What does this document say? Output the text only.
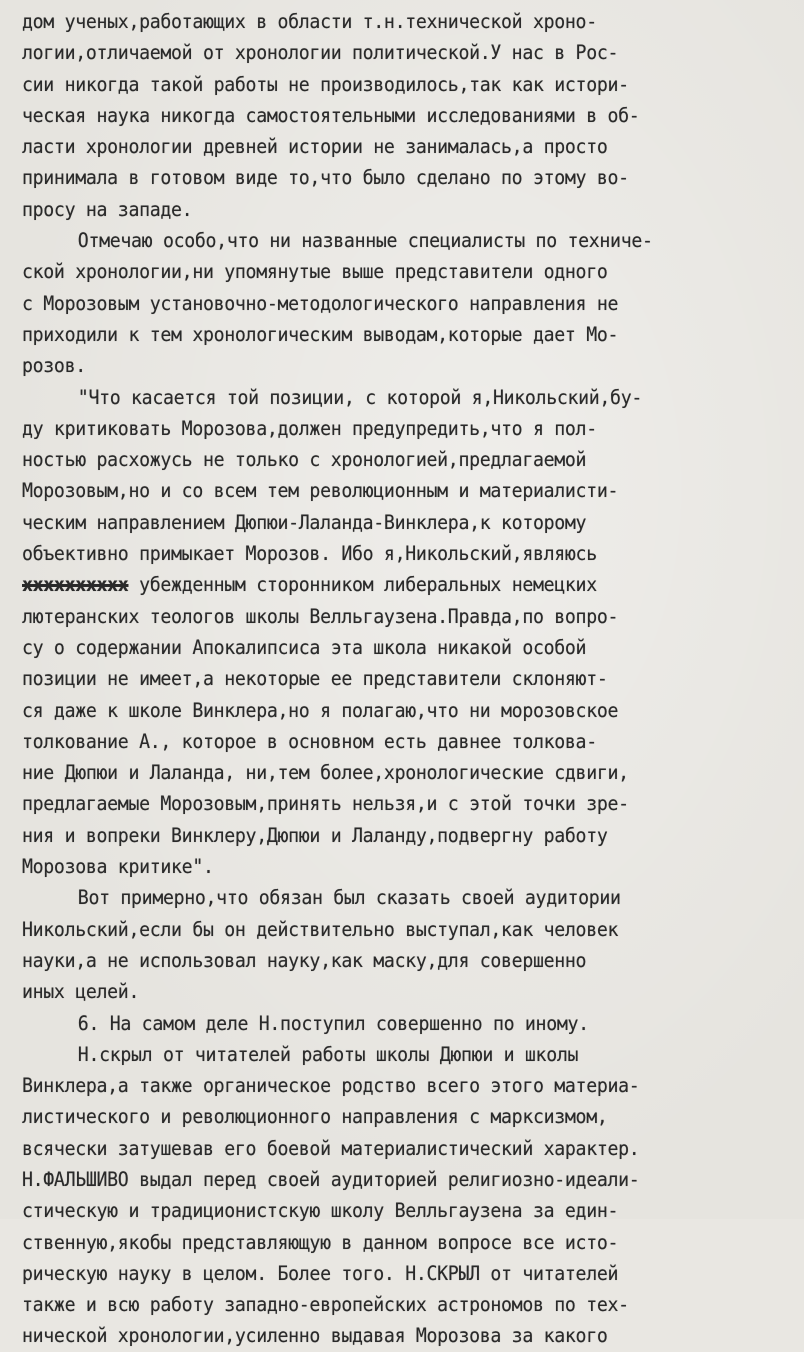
дом ученых,работающих в области т.н.технической хроно-
логии,отличаемой от хронологии политической.У нас в Рос-
сии никогда такой работы не производилось,так как истори-
ческая наука никогда самостоятельными исследованиями в об-
ласти хронологии древней истории не занималась,а просто
принимала в готовом виде то,что было сделано по этому во-
просу на западе.
Отмечаю особо,что ни названные специалисты по техниче-
ской хронологии,ни упомянутые выше представители одного
с Морозовым установочно-методологического направления не
приходили к тем хронологическим выводам,которые дает Мо-
розов.
"Что касается той позиции, с которой я,Никольский,бу-
ду критиковать Морозова,должен предупредить,что я пол-
ностью расхожусь не только с хронологией,предлагаемой
Морозовым,но и со всем тем революционным и материалисти-
ческим направлением Дюпюи-Лаланда-Винклера,к которому
объективно примыкает Морозов. Ибо я,Никольский,являюсь
xxxxxxxxxx убежденным сторонником либеральных немецких
лютеранских теологов школы Велльгаузена.Правда,по вопро-
су о содержании Апокалипсиса эта школа никакой особой
позиции не имеет,а некоторые ее представители склоняют-
ся даже к школе Винклера,но я полагаю,что ни морозовское
толкование А., которое в основном есть давнее толкова-
ние Дюпюи и Лаланда, ни,тем более,хронологические сдвиги,
предлагаемые Морозовым,принять нельзя,и с этой точки зре-
ния и вопреки Винклеру,Дюпюи и Лаланду,подвергну работу
Морозова критике".
Вот примерно,что обязан был сказать своей аудитории
Никольский,если бы он действительно выступал,как человек
науки,а не использовал науку,как маску,для совершенно
иных целей.
6. На самом деле Н.поступил совершенно по иному.
Н.скрыл от читателей работы школы Дюпюи и школы
Винклера,а также органическое родство всего этого материа-
листического и революционного направления с марксизмом,
всячески затушевав его боевой материалистический характер.
Н.ФАЛЬШИВО выдал перед своей аудиторией религиозно-идеали-
стическую и традиционистскую школу Велльгаузена за един-
ственную,якобы представляющую в данном вопросе все исто-
рическую науку в целом. Более того. Н.СКРЫЛ от читателей
также и всю работу западно-европейских астрономов по тех-
нической хронологии,усиленно выдавая Морозова за какого
